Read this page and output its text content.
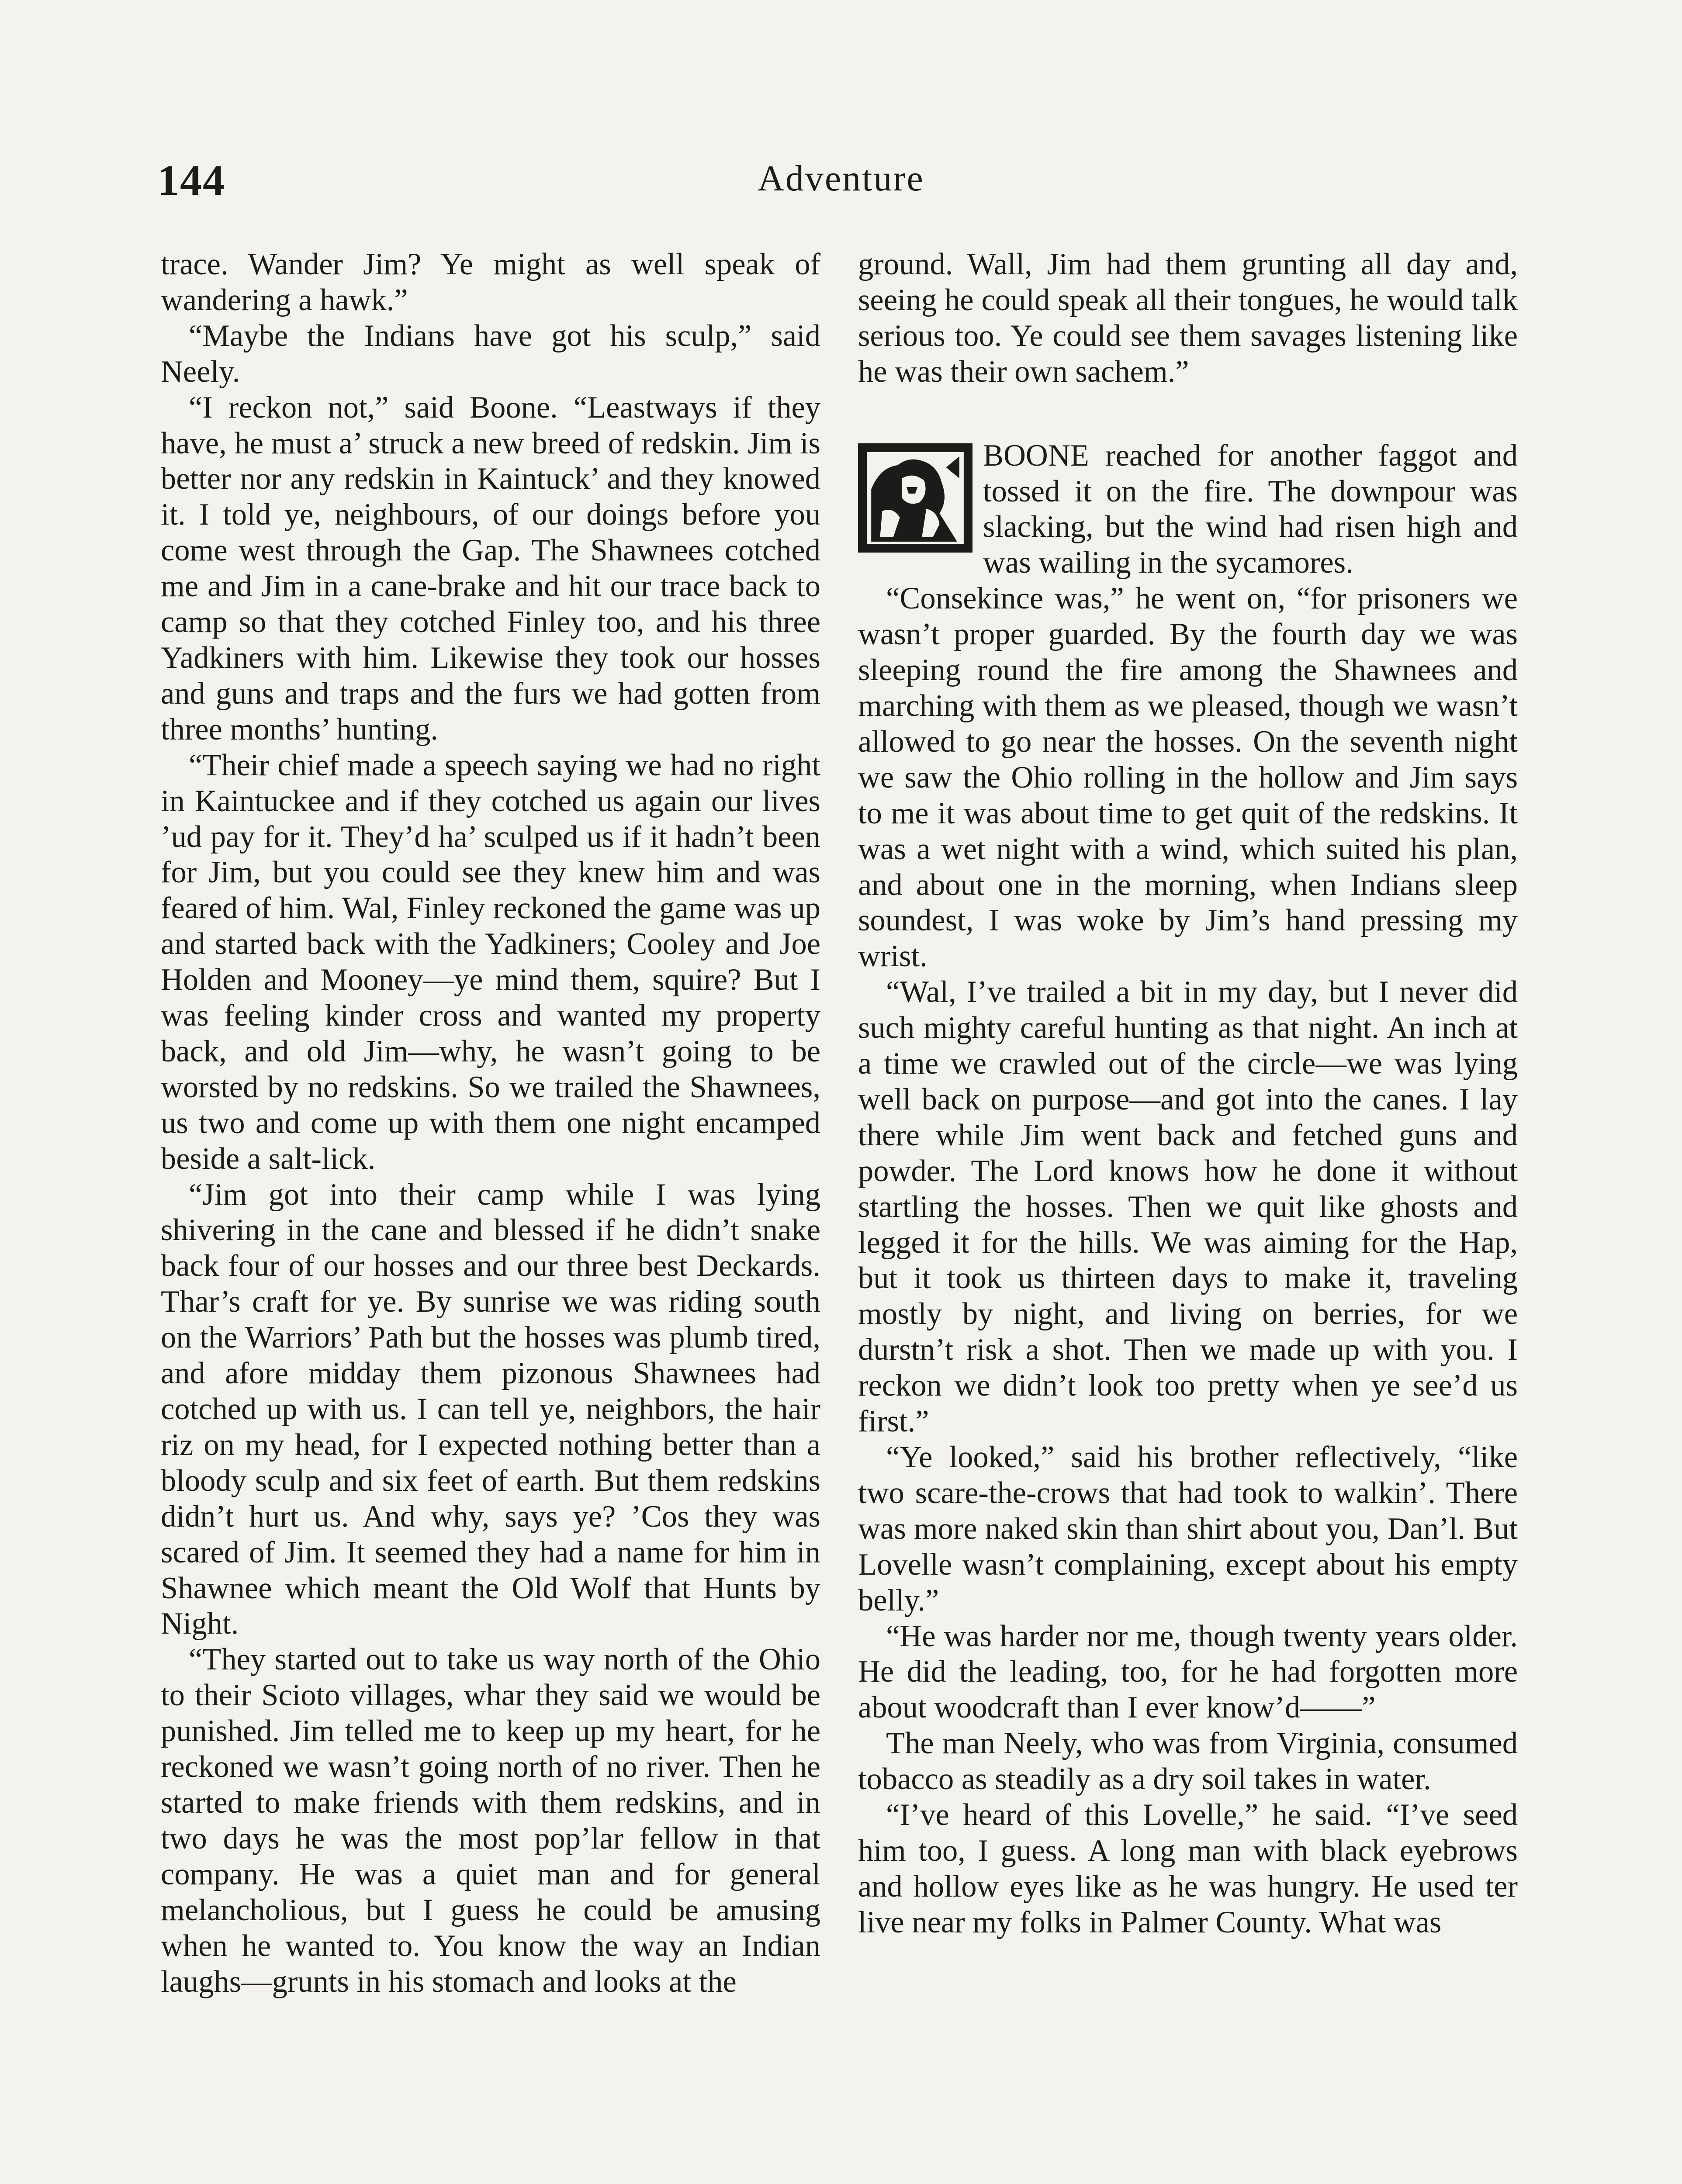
144	Adventure

trace. Wander Jim? Ye might as well speak of wandering a hawk.”

“Maybe the Indians have got his sculp,” said Neely.

“I reckon not,” said Boone. “Leastways if they have, he must a’ struck a new breed of redskin. Jim is better nor any redskin in Kaintuck’ and they knowed it. I told ye, neighbours, of our doings before you come west through the Gap. The Shawnees cotched me and Jim in a cane-brake and hit our trace back to camp so that they cotched Finley too, and his three Yadkiners with him. Likewise they took our hosses and guns and traps and the furs we had gotten from three months’ hunting.

“Their chief made a speech saying we had no right in Kaintuckee and if they cotched us again our lives ’ud pay for it. They’d ha’ sculped us if it hadn’t been for Jim, but you could see they knew him and was feared of him. Wal, Finley reckoned the game was up and started back with the Yadkiners; Cooley and Joe Holden and Mooney—ye mind them, squire? But I was feeling kinder cross and wanted my property back, and old Jim—why, he wasn’t going to be worsted by no redskins. So we trailed the Shawnees, us two and come up with them one night encamped beside a salt-lick.

“Jim got into their camp while I was lying shivering in the cane and blessed if he didn’t snake back four of our hosses and our three best Deckards. Thar’s craft for ye. By sunrise we was riding south on the Warriors’ Path but the hosses was plumb tired, and afore midday them pizonous Shawnees had cotched up with us. I can tell ye, neighbors, the hair riz on my head, for I expected nothing better than a bloody sculp and six feet of earth. But them redskins didn’t hurt us. And why, says ye? ’Cos they was scared of Jim. It seemed they had a name for him in Shawnee which meant the Old Wolf that Hunts by Night.

“They started out to take us way north of the Ohio to their Scioto villages, whar they said we would be punished. Jim telled me to keep up my heart, for he reckoned we wasn’t going north of no river. Then he started to make friends with them redskins, and in two days he was the most pop’lar fellow in that company. He was a quiet man and for general melancholious, but I guess he could be amusing when he wanted to. You know the way an Indian laughs—grunts in his stomach and looks at the

ground. Wall, Jim had them grunting all day and, seeing he could speak all their tongues, he would talk serious too. Ye could see them savages listening like he was their own sachem.”

BOONE reached for another faggot and tossed it on the fire. The downpour was slacking, but the wind had risen high and was wailing in the sycamores.

“Consekince was,” he went on, “for prisoners we wasn’t proper guarded. By the fourth day we was sleeping round the fire among the Shawnees and marching with them as we pleased, though we wasn’t allowed to go near the hosses. On the seventh night we saw the Ohio rolling in the hollow and Jim says to me it was about time to get quit of the redskins. It was a wet night with a wind, which suited his plan, and about one in the morning, when Indians sleep soundest, I was woke by Jim’s hand pressing my wrist.

“Wal, I’ve trailed a bit in my day, but I never did such mighty careful hunting as that night. An inch at a time we crawled out of the circle—we was lying well back on purpose—and got into the canes. I lay there while Jim went back and fetched guns and powder. The Lord knows how he done it without startling the hosses. Then we quit like ghosts and legged it for the hills. We was aiming for the Hap, but it took us thirteen days to make it, traveling mostly by night, and living on berries, for we durstn’t risk a shot. Then we made up with you. I reckon we didn’t look too pretty when ye see’d us first.”

“Ye looked,” said his brother reflectively, “like two scare-the-crows that had took to walkin’. There was more naked skin than shirt about you, Dan’l. But Lovelle wasn’t complaining, except about his empty belly.”

“He was harder nor me, though twenty years older. He did the leading, too, for he had forgotten more about woodcraft than I ever know’d——”

The man Neely, who was from Virginia, consumed tobacco as steadily as a dry soil takes in water.

“I’ve heard of this Lovelle,” he said. “I’ve seed him too, I guess. A long man with black eyebrows and hollow eyes like as he was hungry. He used ter live near my folks in Palmer County. What was
